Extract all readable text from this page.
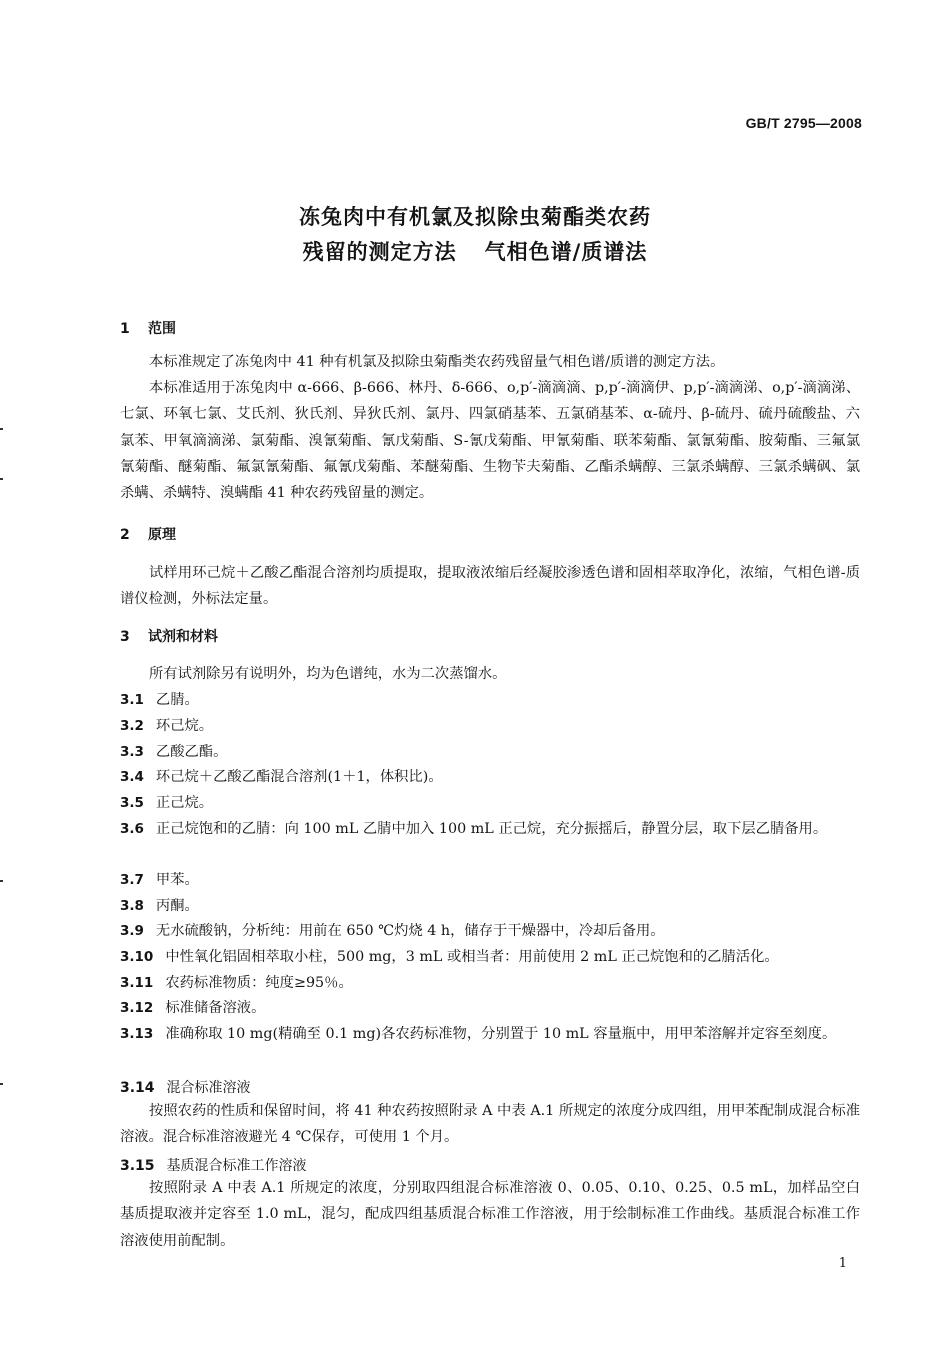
GB/T 2795—2008
冻兔肉中有机氯及拟除虫菊酯类农药
残留的测定方法 气相色谱/质谱法
1 范围

本标准规定了冻兔肉中 41 种有机氯及拟除虫菊酯类农药残留量气相色谱/质谱的测定方法。

本标准适用于冻兔肉中 α-666、β-666、林丹、δ-666、o,p′-滴滴滴、p,p′-滴滴伊、p,p′-滴滴涕、o,p′-滴滴涕、七氯、环氧七氯、艾氏剂、狄氏剂、异狄氏剂、氯丹、四氯硝基苯、五氯硝基苯、α-硫丹、β-硫丹、硫丹硫酸盐、六氯苯、甲氧滴滴涕、氯菊酯、溴氰菊酯、氰戊菊酯、S-氰戊菊酯、甲氰菊酯、联苯菊酯、氯氰菊酯、胺菊酯、三氟氯氰菊酯、醚菊酯、氟氯氰菊酯、氟氰戊菊酯、苯醚菊酯、生物苄夫菊酯、乙酯杀螨醇、三氯杀螨醇、三氯杀螨砜、氯杀螨、杀螨特、溴螨酯 41 种农药残留量的测定。

2 原理

试样用环己烷＋乙酸乙酯混合溶剂均质提取，提取液浓缩后经凝胶渗透色谱和固相萃取净化，浓缩，气相色谱-质谱仪检测，外标法定量。

3 试剂和材料

所有试剂除另有说明外，均为色谱纯，水为二次蒸馏水。

3.1 乙腈。

3.2 环己烷。

3.3 乙酸乙酯。

3.4 环己烷＋乙酸乙酯混合溶剂(1＋1，体积比)。

3.5 正己烷。

3.6 正己烷饱和的乙腈：向 100 mL 乙腈中加入 100 mL 正己烷，充分振摇后，静置分层，取下层乙腈备用。

3.7 甲苯。

3.8 丙酮。

3.9 无水硫酸钠，分析纯：用前在 650 ℃灼烧 4 h，储存于干燥器中，冷却后备用。

3.10 中性氧化铝固相萃取小柱，500 mg，3 mL 或相当者：用前使用 2 mL 正己烷饱和的乙腈活化。

3.11 农药标准物质：纯度≥95％。

3.12 标准储备溶液。

3.13 准确称取 10 mg(精确至 0.1 mg)各农药标准物，分别置于 10 mL 容量瓶中，用甲苯溶解并定容至刻度。

3.14 混合标准溶液

按照农药的性质和保留时间，将 41 种农药按照附录 A 中表 A.1 所规定的浓度分成四组，用甲苯配制成混合标准溶液。混合标准溶液避光 4 ℃保存，可使用 1 个月。

3.15 基质混合标准工作溶液

按照附录 A 中表 A.1 所规定的浓度，分别取四组混合标准溶液 0、0.05、0.10、0.25、0.5 mL，加样品空白基质提取液并定容至 1.0 mL，混匀，配成四组基质混合标准工作溶液，用于绘制标准工作曲线。基质混合标准工作溶液使用前配制。

1
